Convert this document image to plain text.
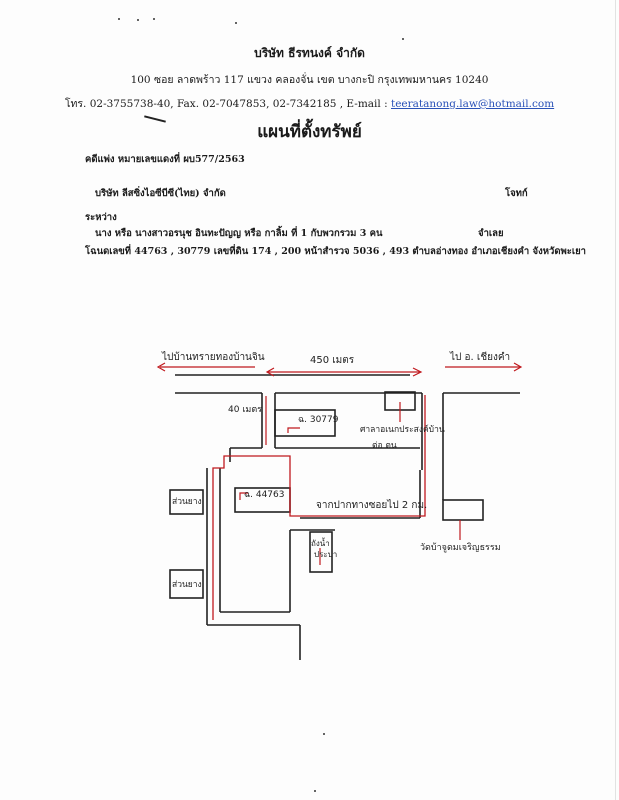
บริษัท ธีรทนงค์ จำกัด
100 ซอย ลาดพร้าว 117 แขวง คลองจั่น เขต บางกะปิ กรุงเทพมหานคร 10240
โทร. 02-3755738-40, Fax. 02-7047853, 02-7342185 , E-mail : teeratanong.law@hotmail.com
แผนที่ตั้งทรัพย์
คดีแพ่ง หมายเลขแดงที่ ผบ577/2563
บริษัท ลีสซิ่งไอซีบีซี(ไทย) จำกัด	โจทก์
ระหว่าง
นาง หรือ นางสาวอรนุช อินทะปัญญ หรือ กาลิ้ม ที่ 1 กับพวกรวม 3 คน	จำเลย
โฉนดเลขที่ 44763 , 30779 เลขที่ดิน 174 , 200 หน้าสำรวจ 5036 , 493 ตำบลอ่างทอง อำเภอเชียงคำ จังหวัดพะเยา
ไปบ้านทรายทองบ้านจิน	450 เมตร	ไป อ. เชียงคำ
40 เมตร
ฉ. 30779
ฉ. 44763
ศาลาอเนกประสงค์บ้าน
ต่อ ตน
จากปากทางซอยไป 2 กม.
วัดบ้าจูดมเจริญธรรม
ถังน้ำ
ประปา
ส่วนยาง
ส่วนยาง
